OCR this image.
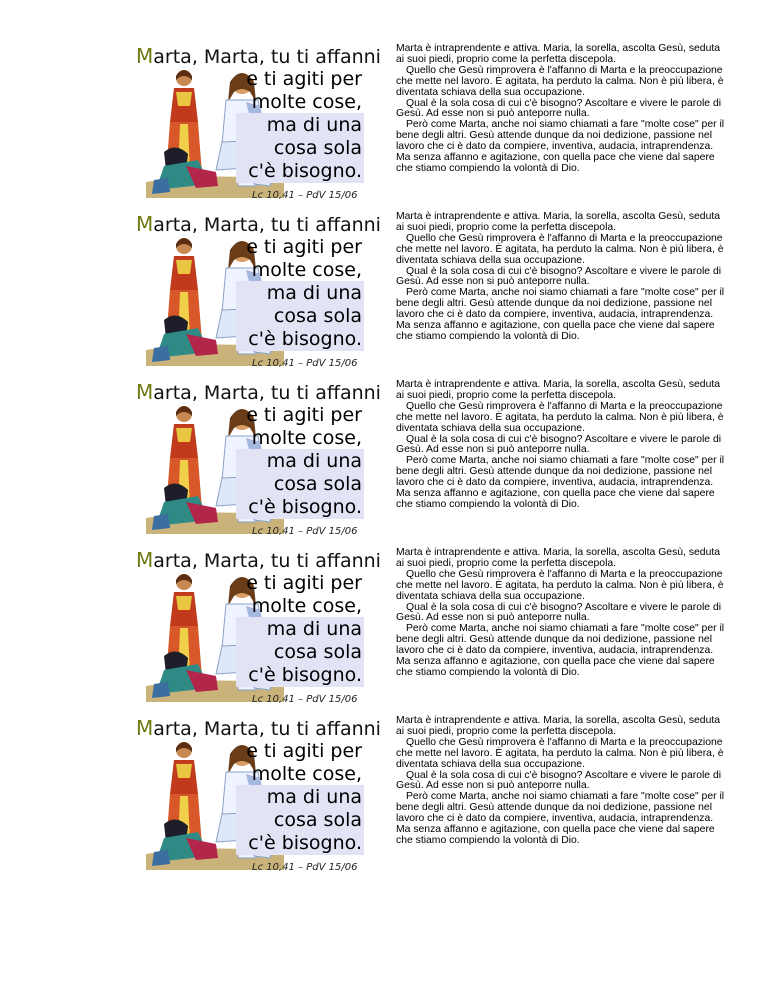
Marta, Marta, tu ti affanni
e ti agiti per
molte cose,
ma di una
cosa sola
c'è bisogno.
Lc 10,41 – PdV 15/06

Marta è intraprendente e attiva. Maria, la sorella, ascolta Gesù, seduta ai suoi piedi, proprio come la perfetta discepola.

Quello che Gesù rimprovera è l'affanno di Marta e la preoccupazione che mette nel lavoro. È agitata, ha perduto la calma. Non è più libera, è diventata schiava della sua occupazione.

Qual è la sola cosa di cui c'è bisogno? Ascoltare e vivere le parole di Gesù. Ad esse non si può anteporre nulla.

Però come Marta, anche noi siamo chiamati a fare "molte cose" per il bene degli altri. Gesù attende dunque da noi dedizione, passione nel lavoro che ci è dato da compiere, inventiva, audacia, intraprendenza.

Ma senza affanno e agitazione, con quella pace che viene dal sapere che stiamo compiendo la volontà di Dio.

Marta, Marta, tu ti affanni
e ti agiti per
molte cose,
ma di una
cosa sola
c'è bisogno.
Lc 10,41 – PdV 15/06

Marta è intraprendente e attiva. Maria, la sorella, ascolta Gesù, seduta ai suoi piedi, proprio come la perfetta discepola.

Quello che Gesù rimprovera è l'affanno di Marta e la preoccupazione che mette nel lavoro. È agitata, ha perduto la calma. Non è più libera, è diventata schiava della sua occupazione.

Qual è la sola cosa di cui c'è bisogno? Ascoltare e vivere le parole di Gesù. Ad esse non si può anteporre nulla.

Però come Marta, anche noi siamo chiamati a fare "molte cose" per il bene degli altri. Gesù attende dunque da noi dedizione, passione nel lavoro che ci è dato da compiere, inventiva, audacia, intraprendenza.

Ma senza affanno e agitazione, con quella pace che viene dal sapere che stiamo compiendo la volontà di Dio.

Marta, Marta, tu ti affanni
e ti agiti per
molte cose,
ma di una
cosa sola
c'è bisogno.
Lc 10,41 – PdV 15/06

Marta è intraprendente e attiva. Maria, la sorella, ascolta Gesù, seduta ai suoi piedi, proprio come la perfetta discepola.

Quello che Gesù rimprovera è l'affanno di Marta e la preoccupazione che mette nel lavoro. È agitata, ha perduto la calma. Non è più libera, è diventata schiava della sua occupazione.

Qual è la sola cosa di cui c'è bisogno? Ascoltare e vivere le parole di Gesù. Ad esse non si può anteporre nulla.

Però come Marta, anche noi siamo chiamati a fare "molte cose" per il bene degli altri. Gesù attende dunque da noi dedizione, passione nel lavoro che ci è dato da compiere, inventiva, audacia, intraprendenza.

Ma senza affanno e agitazione, con quella pace che viene dal sapere che stiamo compiendo la volontà di Dio.

Marta, Marta, tu ti affanni
e ti agiti per
molte cose,
ma di una
cosa sola
c'è bisogno.
Lc 10,41 – PdV 15/06

Marta è intraprendente e attiva. Maria, la sorella, ascolta Gesù, seduta ai suoi piedi, proprio come la perfetta discepola.

Quello che Gesù rimprovera è l'affanno di Marta e la preoccupazione che mette nel lavoro. È agitata, ha perduto la calma. Non è più libera, è diventata schiava della sua occupazione.

Qual è la sola cosa di cui c'è bisogno? Ascoltare e vivere le parole di Gesù. Ad esse non si può anteporre nulla.

Però come Marta, anche noi siamo chiamati a fare "molte cose" per il bene degli altri. Gesù attende dunque da noi dedizione, passione nel lavoro che ci è dato da compiere, inventiva, audacia, intraprendenza.

Ma senza affanno e agitazione, con quella pace che viene dal sapere che stiamo compiendo la volontà di Dio.

Marta, Marta, tu ti affanni
e ti agiti per
molte cose,
ma di una
cosa sola
c'è bisogno.
Lc 10,41 – PdV 15/06

Marta è intraprendente e attiva. Maria, la sorella, ascolta Gesù, seduta ai suoi piedi, proprio come la perfetta discepola.

Quello che Gesù rimprovera è l'affanno di Marta e la preoccupazione che mette nel lavoro. È agitata, ha perduto la calma. Non è più libera, è diventata schiava della sua occupazione.

Qual è la sola cosa di cui c'è bisogno? Ascoltare e vivere le parole di Gesù. Ad esse non si può anteporre nulla.

Però come Marta, anche noi siamo chiamati a fare "molte cose" per il bene degli altri. Gesù attende dunque da noi dedizione, passione nel lavoro che ci è dato da compiere, inventiva, audacia, intraprendenza.

Ma senza affanno e agitazione, con quella pace che viene dal sapere che stiamo compiendo la volontà di Dio.
